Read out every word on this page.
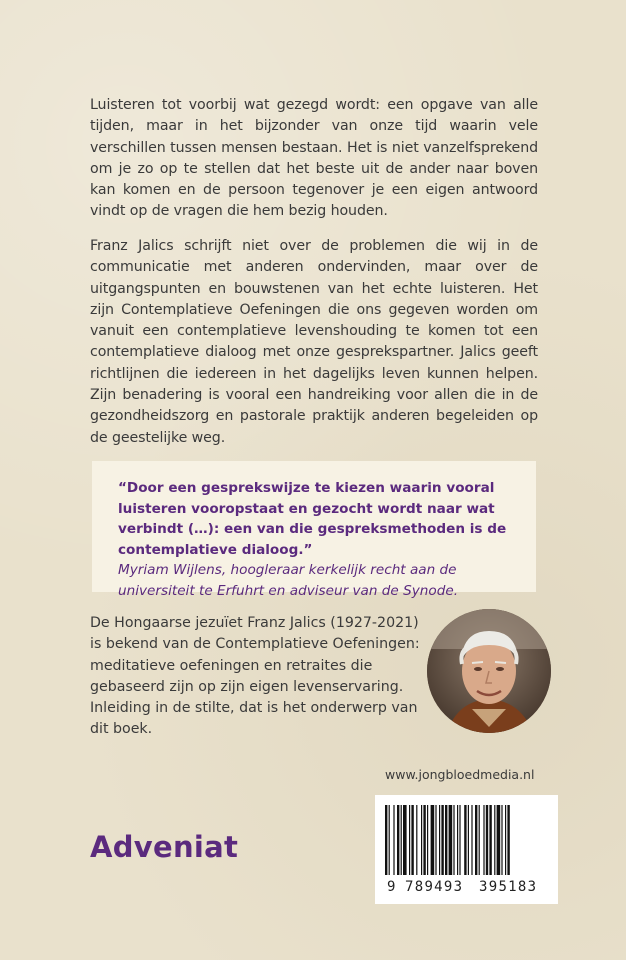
Luisteren tot voorbij wat gezegd wordt: een opgave van alle tijden, maar in het bijzonder van onze tijd waarin vele verschillen tussen mensen bestaan. Het is niet vanzelfsprekend om je zo op te stellen dat het beste uit de ander naar boven kan komen en de persoon tegenover je een eigen antwoord vindt op de vragen die hem bezig houden.

Franz Jalics schrijft niet over de problemen die wij in de communicatie met anderen ondervinden, maar over de uitgangspunten en bouwstenen van het echte luisteren. Het zijn Contemplatieve Oefeningen die ons gegeven worden om vanuit een contemplatieve levenshouding te komen tot een contemplatieve dialoog met onze gesprekspartner. Jalics geeft richtlijnen die iedereen in het dagelijks leven kunnen helpen. Zijn benadering is vooral een handreiking voor allen die in de gezondheidszorg en pastorale praktijk anderen begeleiden op de geestelijke weg.

“Door een gesprekswijze te kiezen waarin vooral luisteren vooropstaat en gezocht wordt naar wat verbindt (…): een van die gespreksmethoden is de contemplatieve dialoog.”

Myriam Wijlens, hoogleraar kerkelijk recht aan de universiteit te Erfuhrt en adviseur van de Synode.

De Hongaarse jezuïet Franz Jalics (1927-2021) is bekend van de Contemplatieve Oefeningen: meditatieve oefeningen en retraites die gebaseerd zijn op zijn eigen levenservaring. Inleiding in de stilte, dat is het onderwerp van dit boek.

www.jongbloedmedia.nl
9 789493 395183
Adveniat
